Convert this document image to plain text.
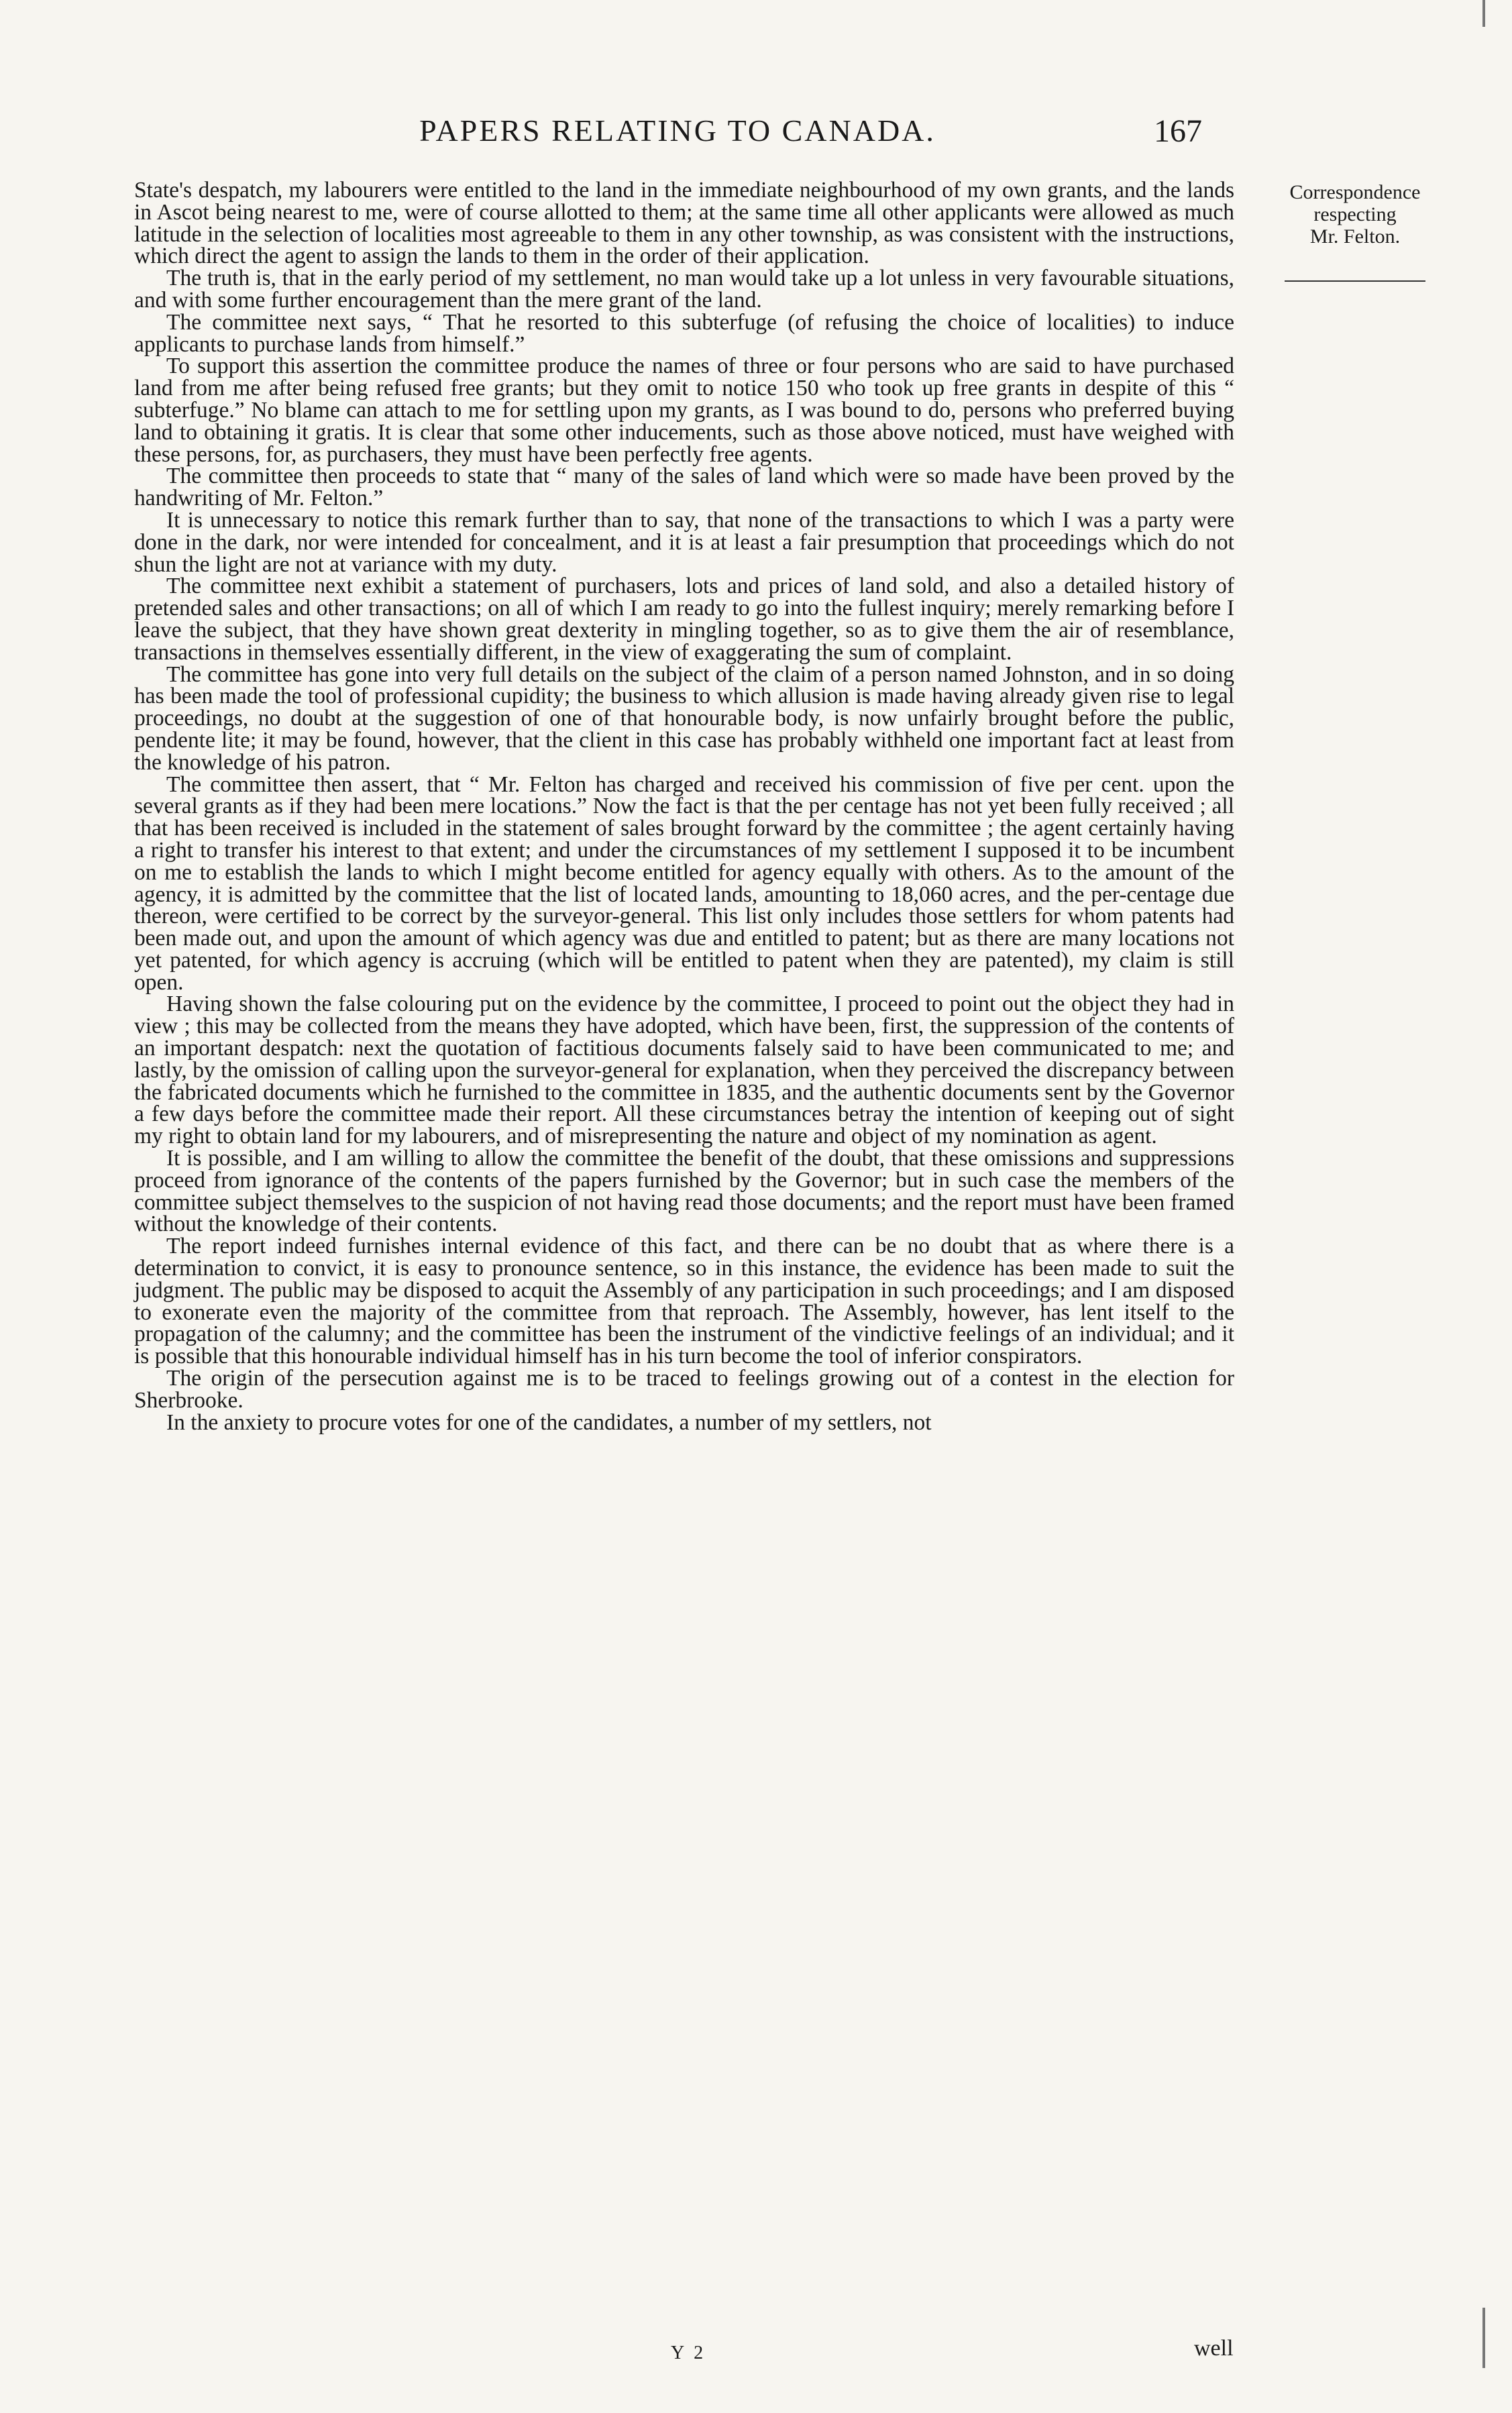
PAPERS RELATING TO CANADA.	167
Correspondence
respecting
Mr. Felton.

State's despatch, my labourers were entitled to the land in the immediate neighbourhood of my own grants, and the lands in Ascot being nearest to me, were of course allotted to them; at the same time all other applicants were allowed as much latitude in the selection of localities most agreeable to them in any other township, as was consistent with the instructions, which direct the agent to assign the lands to them in the order of their application.

The truth is, that in the early period of my settlement, no man would take up a lot unless in very favourable situations, and with some further encouragement than the mere grant of the land.

The committee next says, “ That he resorted to this subterfuge (of refusing the choice of localities) to induce applicants to purchase lands from himself.”

To support this assertion the committee produce the names of three or four persons who are said to have purchased land from me after being refused free grants; but they omit to notice 150 who took up free grants in despite of this “ subterfuge.” No blame can attach to me for settling upon my grants, as I was bound to do, persons who preferred buying land to obtaining it gratis. It is clear that some other inducements, such as those above noticed, must have weighed with these persons, for, as purchasers, they must have been perfectly free agents.

The committee then proceeds to state that “ many of the sales of land which were so made have been proved by the handwriting of Mr. Felton.”

It is unnecessary to notice this remark further than to say, that none of the transactions to which I was a party were done in the dark, nor were intended for concealment, and it is at least a fair presumption that proceedings which do not shun the light are not at variance with my duty.

The committee next exhibit a statement of purchasers, lots and prices of land sold, and also a detailed history of pretended sales and other transactions; on all of which I am ready to go into the fullest inquiry; merely remarking before I leave the subject, that they have shown great dexterity in mingling together, so as to give them the air of resemblance, transactions in themselves essentially different, in the view of exaggerating the sum of complaint.

The committee has gone into very full details on the subject of the claim of a person named Johnston, and in so doing has been made the tool of professional cupidity; the business to which allusion is made having already given rise to legal proceedings, no doubt at the suggestion of one of that honourable body, is now unfairly brought before the public, pendente lite; it may be found, however, that the client in this case has probably withheld one important fact at least from the knowledge of his patron.

The committee then assert, that “ Mr. Felton has charged and received his commission of five per cent. upon the several grants as if they had been mere locations.” Now the fact is that the per centage has not yet been fully received ; all that has been received is included in the statement of sales brought forward by the committee ; the agent certainly having a right to transfer his interest to that extent; and under the circumstances of my settlement I supposed it to be incumbent on me to establish the lands to which I might become entitled for agency equally with others. As to the amount of the agency, it is admitted by the committee that the list of located lands, amounting to 18,060 acres, and the per-centage due thereon, were certified to be correct by the surveyor-general. This list only includes those settlers for whom patents had been made out, and upon the amount of which agency was due and entitled to patent; but as there are many locations not yet patented, for which agency is accruing (which will be entitled to patent when they are patented), my claim is still open.

Having shown the false colouring put on the evidence by the committee, I proceed to point out the object they had in view ; this may be collected from the means they have adopted, which have been, first, the suppression of the contents of an important despatch: next the quotation of factitious documents falsely said to have been communicated to me; and lastly, by the omission of calling upon the surveyor-general for explanation, when they perceived the discrepancy between the fabricated documents which he furnished to the committee in 1835, and the authentic documents sent by the Governor a few days before the committee made their report. All these circumstances betray the intention of keeping out of sight my right to obtain land for my labourers, and of misrepresenting the nature and object of my nomination as agent.

It is possible, and I am willing to allow the committee the benefit of the doubt, that these omissions and suppressions proceed from ignorance of the contents of the papers furnished by the Governor; but in such case the members of the committee subject themselves to the suspicion of not having read those documents; and the report must have been framed without the knowledge of their contents.

The report indeed furnishes internal evidence of this fact, and there can be no doubt that as where there is a determination to convict, it is easy to pronounce sentence, so in this instance, the evidence has been made to suit the judgment. The public may be disposed to acquit the Assembly of any participation in such proceedings; and I am disposed to exonerate even the majority of the committee from that reproach. The Assembly, however, has lent itself to the propagation of the calumny; and the committee has been the instrument of the vindictive feelings of an individual; and it is possible that this honourable individual himself has in his turn become the tool of inferior conspirators.

The origin of the persecution against me is to be traced to feelings growing out of a contest in the election for Sherbrooke.

In the anxiety to procure votes for one of the candidates, a number of my settlers, not

Y 2	well
